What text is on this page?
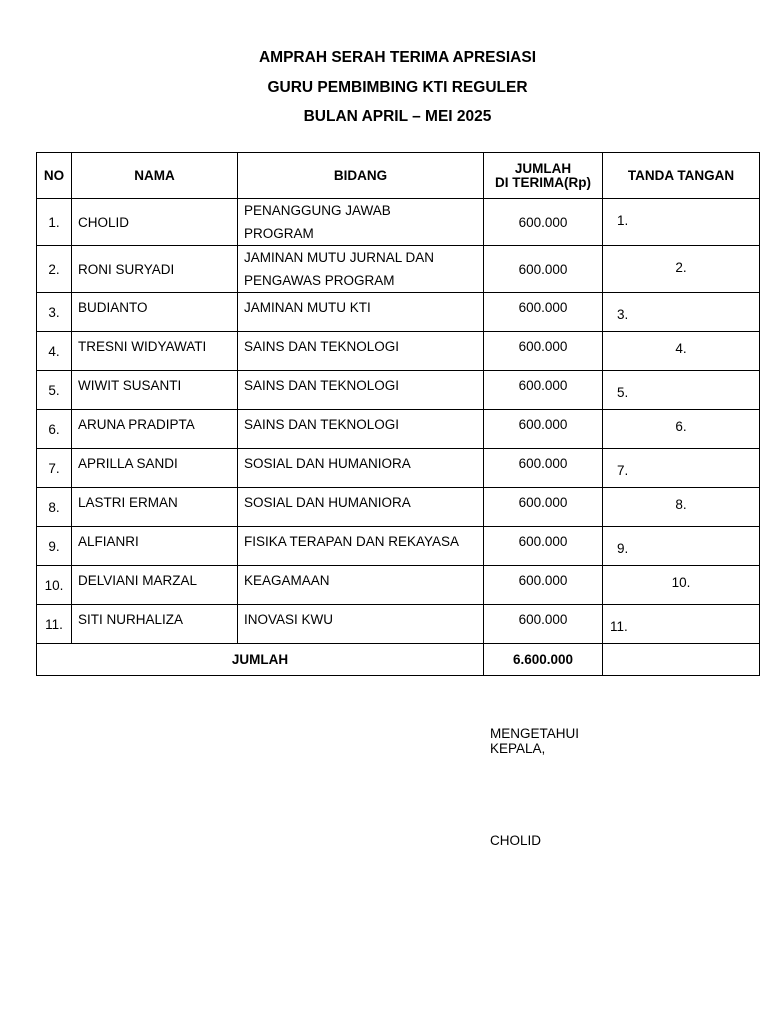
AMPRAH SERAH TERIMA APRESIASI
GURU PEMBIMBING KTI REGULER
BULAN APRIL – MEI 2025
NO	NAMA	BIDANG	JUMLAH
DI TERIMA(Rp)	TANDA TANGAN
1.	CHOLID	PENANGGUNG JAWAB
PROGRAM	600.000	1.

2.	RONI SURYADI	JAMINAN MUTU JURNAL DAN
PENGAWAS PROGRAM	600.000	2.

3.	BUDIANTO	JAMINAN MUTU KTI	600.000	3.

4.	TRESNI WIDYAWATI	SAINS DAN TEKNOLOGI	600.000	4.

5.	WIWIT SUSANTI	SAINS DAN TEKNOLOGI	600.000	5.

6.	ARUNA PRADIPTA	SAINS DAN TEKNOLOGI	600.000	6.

7.	APRILLA SANDI	SOSIAL DAN HUMANIORA	600.000	7.

8.	LASTRI ERMAN	SOSIAL DAN HUMANIORA	600.000	8.

9.	ALFIANRI	FISIKA TERAPAN DAN REKAYASA	600.000	9.

10.	DELVIANI MARZAL	KEAGAMAAN	600.000	10.

11.	SITI NURHALIZA	INOVASI KWU	600.000	11.

JUMLAH			6.600.000	
MENGETAHUI
KEPALA,
CHOLID
